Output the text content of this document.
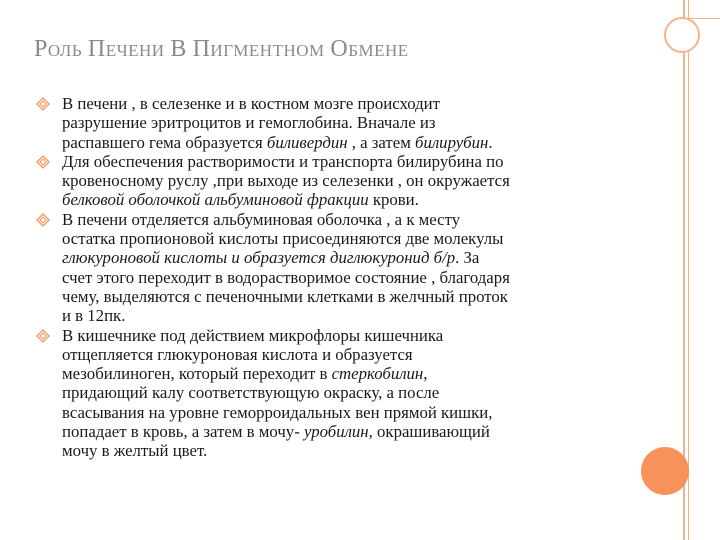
РОЛЬ ПЕЧЕНИ В ПИГМЕНТНОМ ОБМЕНЕ
В печени , в селезенке и в костном мозге происходит
разрушение эритроцитов и гемоглобина. Вначале из
распавшего гема образуется биливердин , а затем билирубин.
Для обеспечения растворимости и транспорта билирубина по
кровеносному руслу ,при выходе из селезенки , он окружается
белковой оболочкой альбуминовой фракции крови.
В печени отделяется альбуминовая оболочка , а к месту
остатка пропионовой кислоты присоединяются две молекулы
глюкуроновой кислоты и образуется диглюкуронид б/р. За
счет этого переходит в водорастворимое состояние , благодаря
чему, выделяются с печеночными клетками в желчный проток
и в 12пк.
В кишечнике под действием микрофлоры кишечника
отщепляется глюкуроновая кислота и образуется
мезобилиноген, который переходит в стеркобилин,
придающий калу соответствующую окраску, а после
всасывания на уровне геморроидальных вен прямой кишки,
попадает в кровь, а затем в мочу- уробилин, окрашивающий
мочу в желтый цвет.
